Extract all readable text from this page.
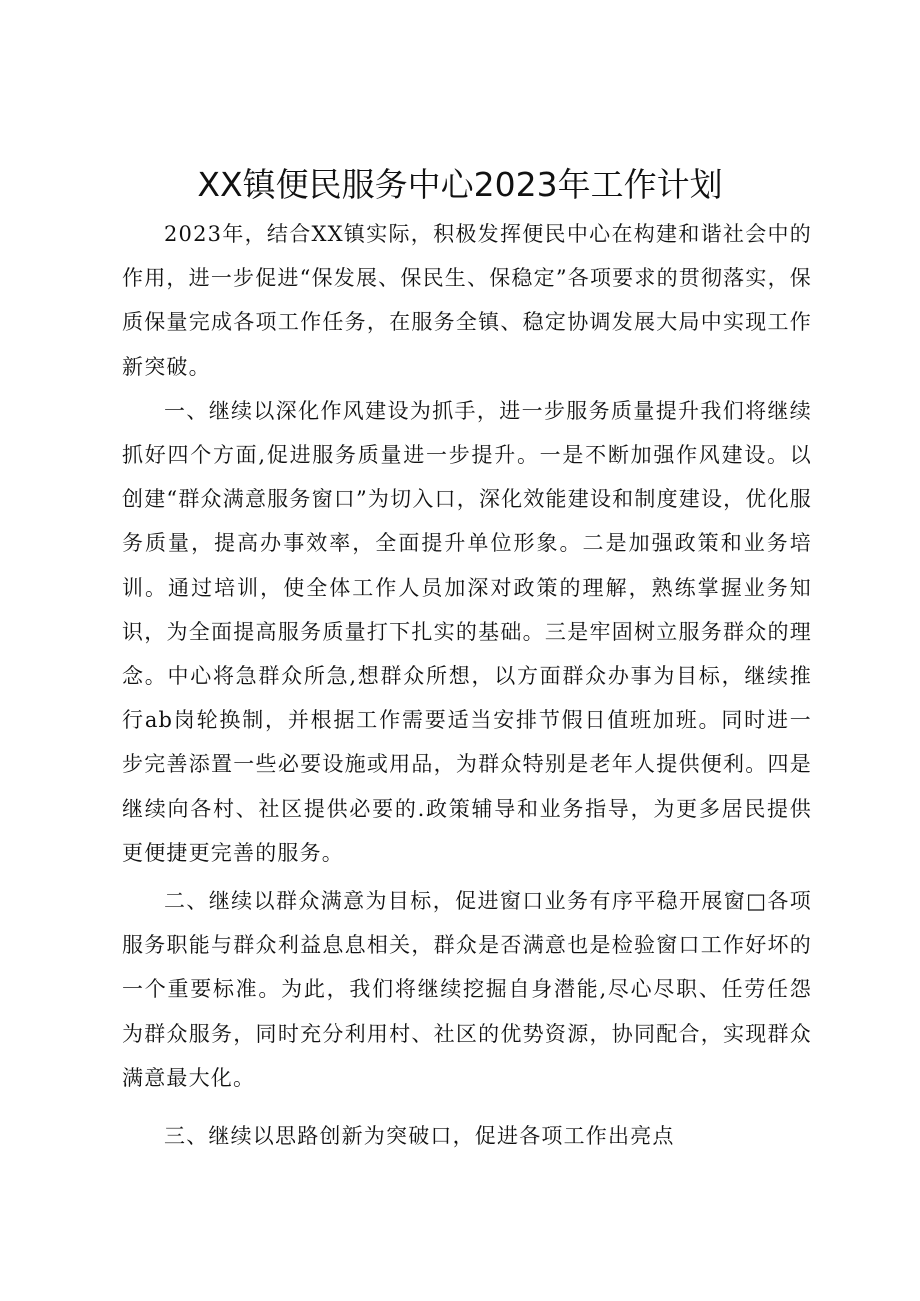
XX镇便民服务中心2023年工作计划

2023年，结合XX镇实际，积极发挥便民中心在构建和谐社会中的作用，进一步促进“保发展、保民生、保稳定”各项要求的贯彻落实，保质保量完成各项工作任务，在服务全镇、稳定协调发展大局中实现工作新突破。

一、继续以深化作风建设为抓手，进一步服务质量提升我们将继续抓好四个方面,促进服务质量进一步提升。一是不断加强作风建设。以创建“群众满意服务窗口”为切入口，深化效能建设和制度建设，优化服务质量，提高办事效率，全面提升单位形象。二是加强政策和业务培训。通过培训，使全体工作人员加深对政策的理解，熟练掌握业务知识，为全面提高服务质量打下扎实的基础。三是牢固树立服务群众的理念。中心将急群众所急,想群众所想，以方面群众办事为目标，继续推行ab岗轮换制，并根据工作需要适当安排节假日值班加班。同时进一步完善添置一些必要设施或用品，为群众特别是老年人提供便利。四是继续向各村、社区提供必要的.政策辅导和业务指导，为更多居民提供更便捷更完善的服务。

二、继续以群众满意为目标，促进窗口业务有序平稳开展窗□各项服务职能与群众利益息息相关，群众是否满意也是检验窗口工作好坏的一个重要标准。为此，我们将继续挖掘自身潜能,尽心尽职、任劳任怨为群众服务，同时充分利用村、社区的优势资源，协同配合，实现群众满意最大化。

三、继续以思路创新为突破口，促进各项工作出亮点
